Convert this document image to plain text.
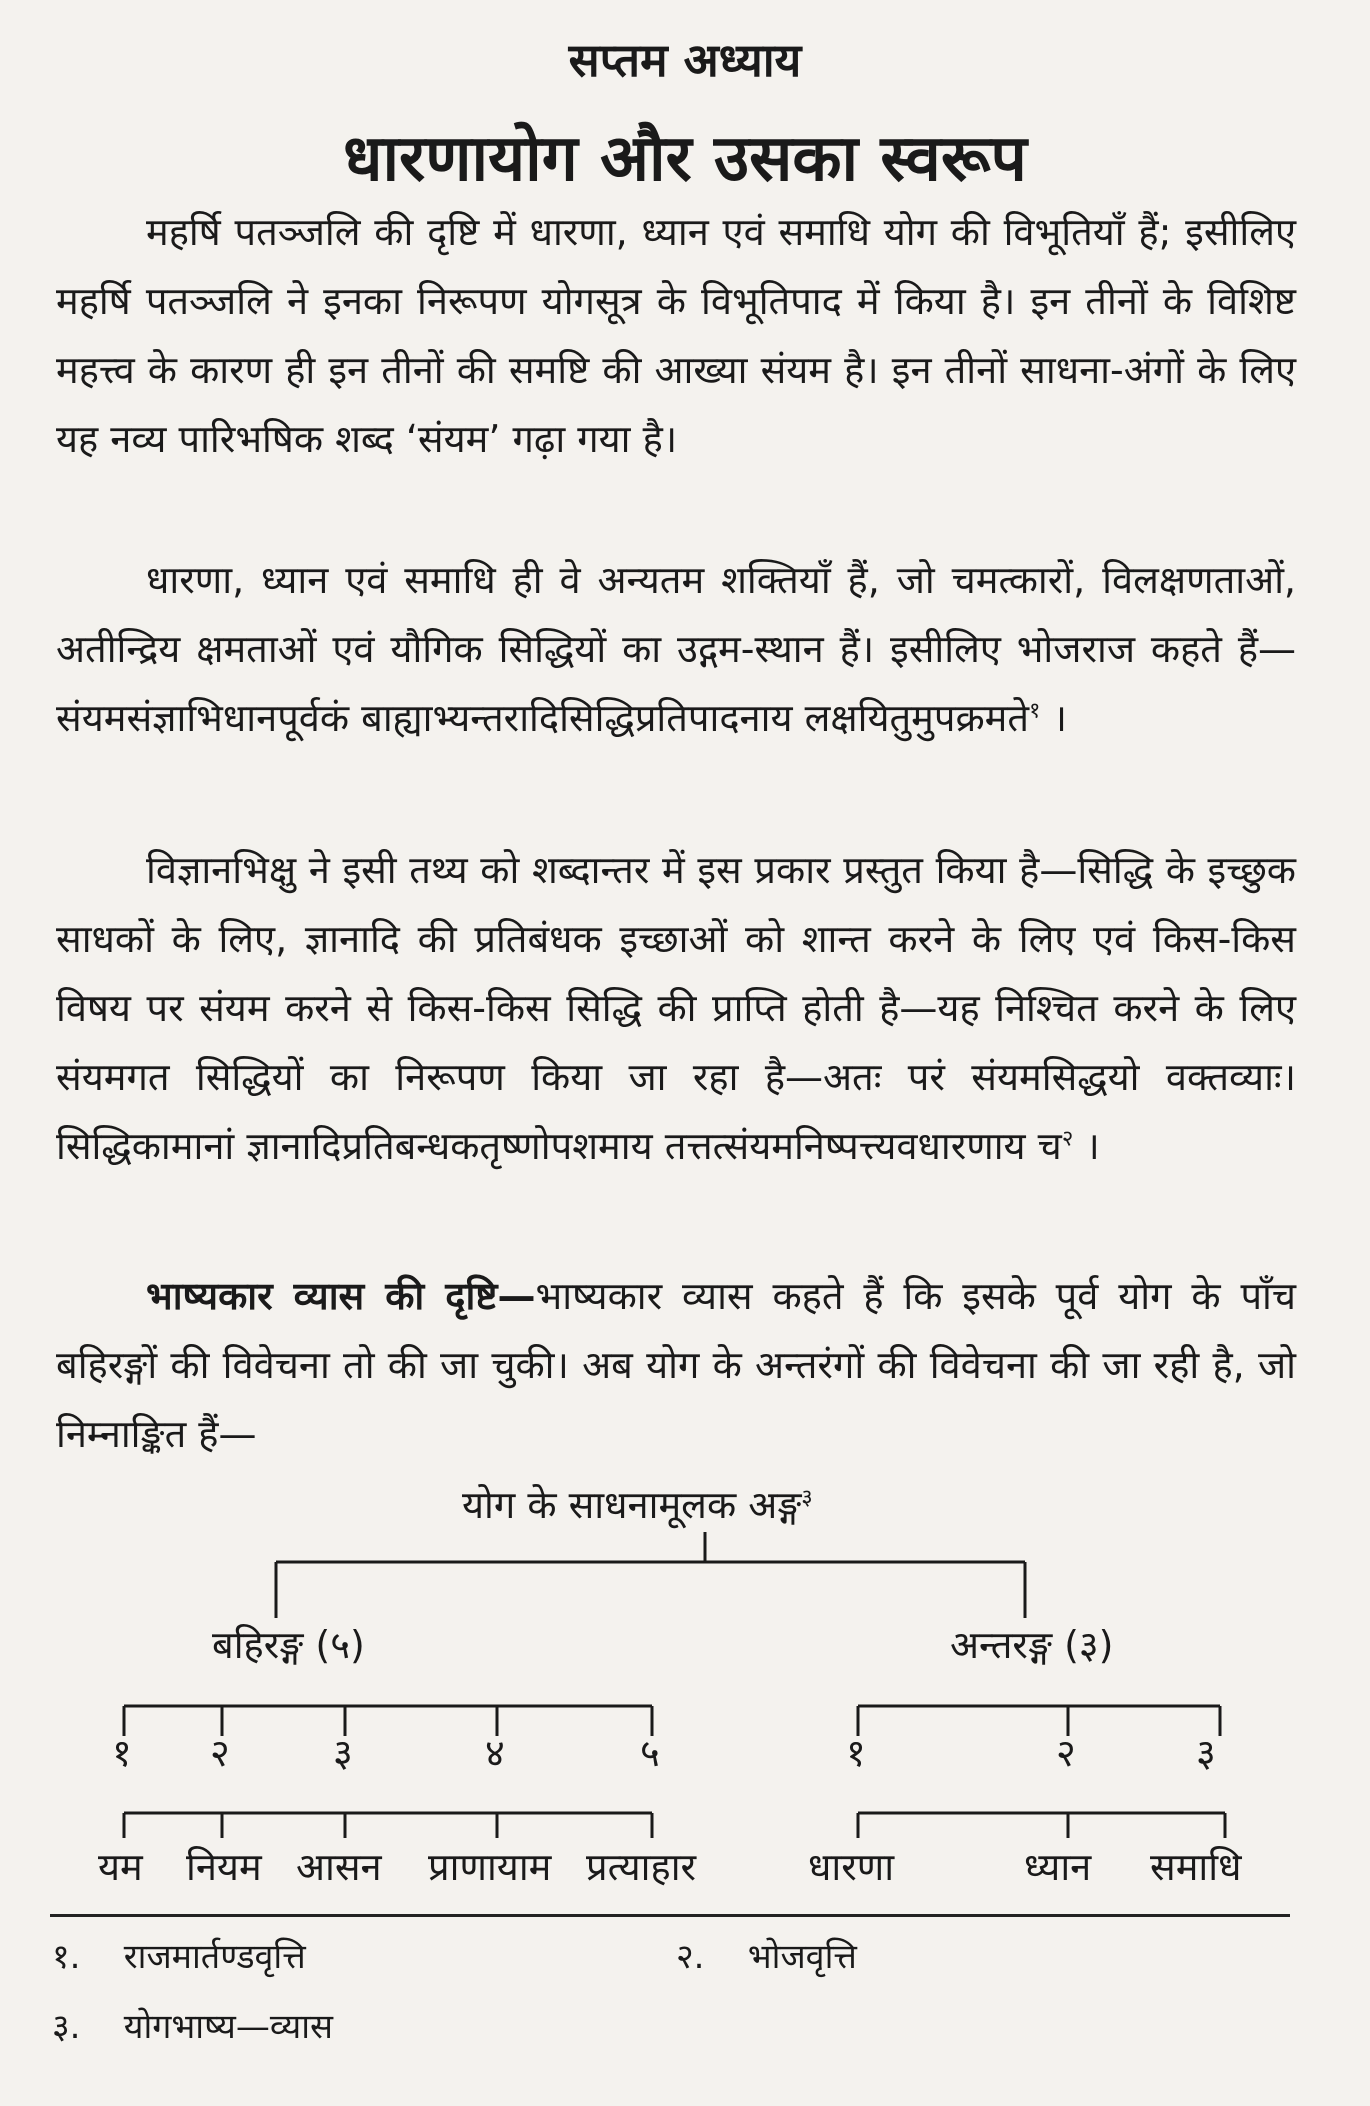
सप्तम अध्याय
धारणायोग और उसका स्वरूप

महर्षि पतञ्जलि की दृष्टि में धारणा, ध्यान एवं समाधि योग की विभूतियाँ हैं; इसीलिए महर्षि पतञ्जलि ने इनका निरूपण योगसूत्र के विभूतिपाद में किया है। इन तीनों के विशिष्ट महत्त्व के कारण ही इन तीनों की समष्टि की आख्या संयम है। इन तीनों साधना-अंगों के लिए यह नव्य पारिभषिक शब्द ‘संयम’ गढ़ा गया है।

धारणा, ध्यान एवं समाधि ही वे अन्यतम शक्तियाँ हैं, जो चमत्कारों, विलक्षणताओं, अतीन्द्रिय क्षमताओं एवं यौगिक सिद्धियों का उद्गम-स्थान हैं। इसीलिए भोजराज कहते हैं—संयमसंज्ञाभिधानपूर्वकं बाह्याभ्यन्तरादिसिद्धिप्रतिपादनाय लक्षयितुमुपक्रमते$^१$ ।

विज्ञानभिक्षु ने इसी तथ्य को शब्दान्तर में इस प्रकार प्रस्तुत किया है—सिद्धि के इच्छुक साधकों के लिए, ज्ञानादि की प्रतिबंधक इच्छाओं को शान्त करने के लिए एवं किस-किस विषय पर संयम करने से किस-किस सिद्धि की प्राप्ति होती है—यह निश्चित करने के लिए संयमगत सिद्धियों का निरूपण किया जा रहा है—अतः परं संयमसिद्धयो वक्तव्याः। सिद्धिकामानां ज्ञानादिप्रतिबन्धकतृष्णोपशमाय तत्तत्संयमनिष्पत्त्यवधारणाय च$^२$ ।

भाष्यकार व्यास की दृष्टि—भाष्यकार व्यास कहते हैं कि इसके पूर्व योग के पाँच बहिरङ्गों की विवेचना तो की जा चुकी। अब योग के अन्तरंगों की विवेचना की जा रही है, जो निम्नाङ्कित हैं—

योग के साधनामूलक अङ्ग$^३$
बहिरङ्ग (५)	अन्तरङ्ग (३)
१ २	३	४	५	१	२	३
यम नियम आसन प्राणायाम प्रत्याहार	धारणा	ध्यान समाधि
१. राजमार्तण्डवृत्ति	२. भोजवृत्ति
३. योगभाष्य—व्यास
